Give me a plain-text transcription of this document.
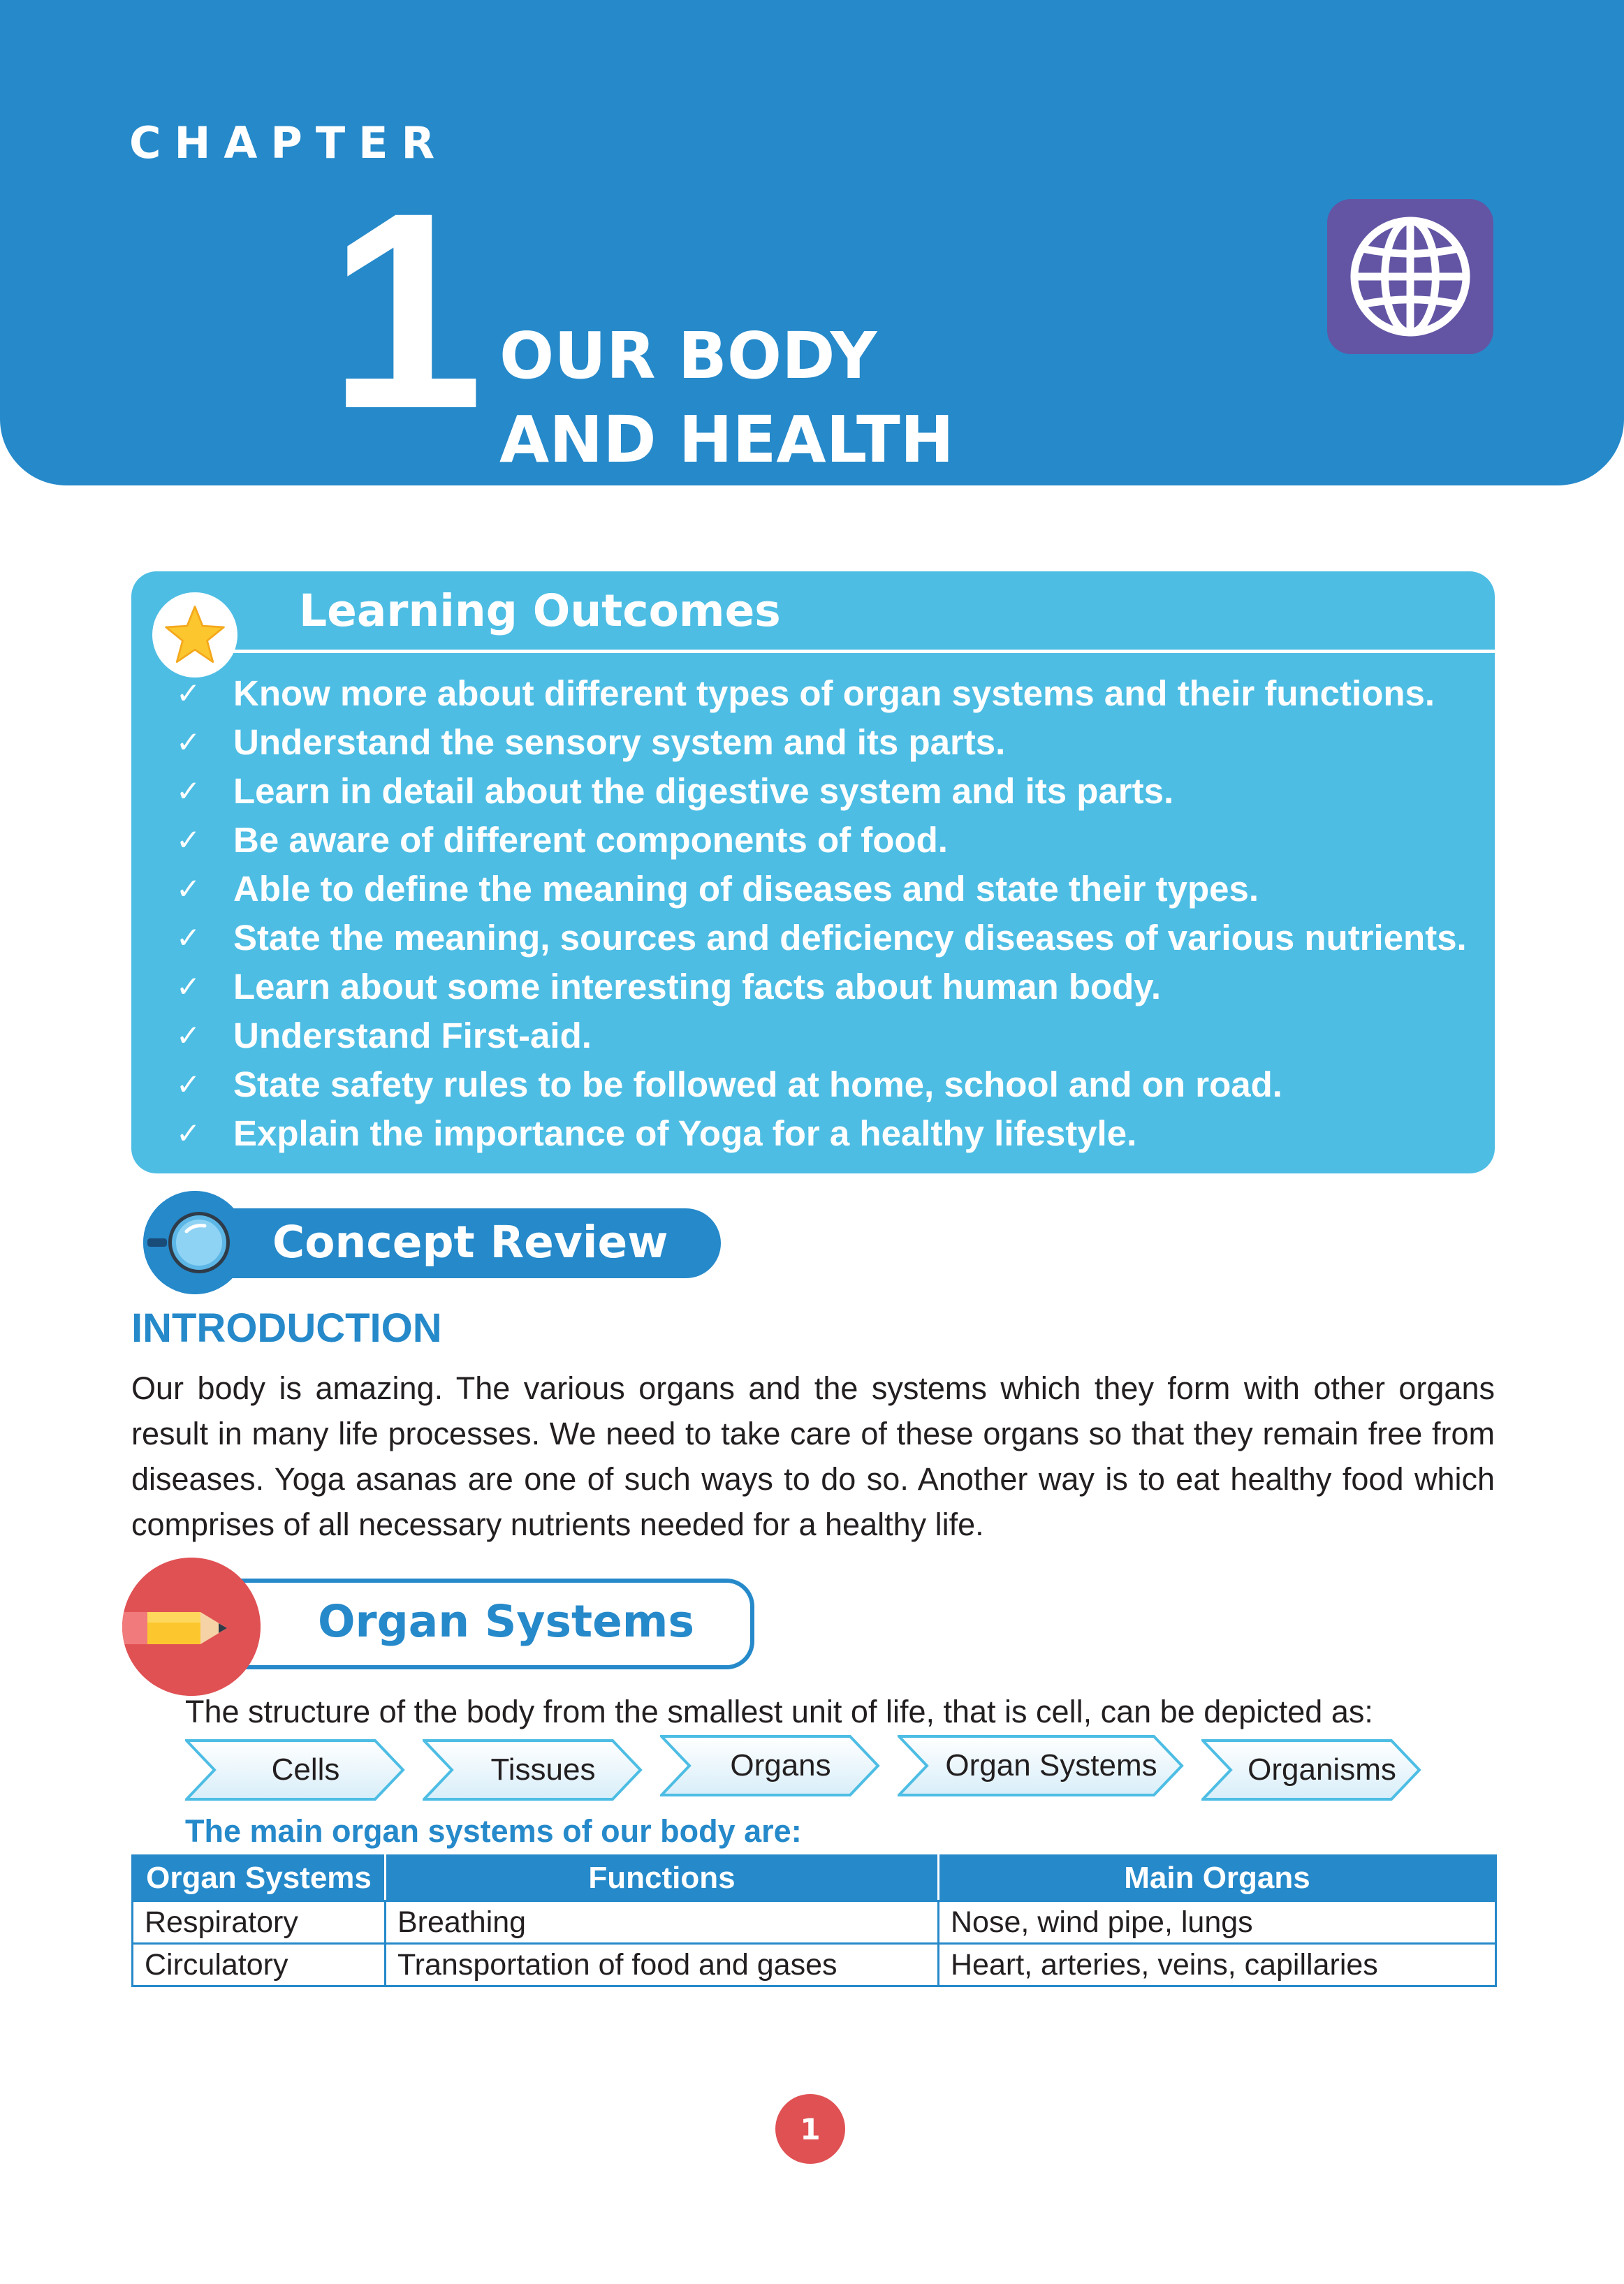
CHAPTER
1 OUR BODY
AND HEALTH
Learning Outcomes
✓ Know more about different types of organ systems and their functions.
✓ Understand the sensory system and its parts.
✓ Learn in detail about the digestive system and its parts.
✓ Be aware of different components of food.
✓ Able to define the meaning of diseases and state their types.
✓ State the meaning, sources and deficiency diseases of various nutrients.
✓ Learn about some interesting facts about human body.
✓ Understand First-aid.
✓ State safety rules to be followed at home, school and on road.
✓ Explain the importance of Yoga for a healthy lifestyle.
Concept Review
INTRODUCTION

Our body is amazing. The various organs and the systems which they form with other organs result in many life processes. We need to take care of these organs so that they remain free from diseases. Yoga asanas are one of such ways to do so. Another way is to eat healthy food which comprises of all necessary nutrients needed for a healthy life.

Organ Systems
The structure of the body from the smallest unit of life, that is cell, can be depicted as:
Cells	Tissues	Organs	Organ Systems	Organisms
The main organ systems of our body are:
Organ Systems	Functions	Main Organs
Respiratory	Breathing	Nose, wind pipe, lungs
Circulatory	Transportation of food and gases	Heart, arteries, veins, capillaries
1
